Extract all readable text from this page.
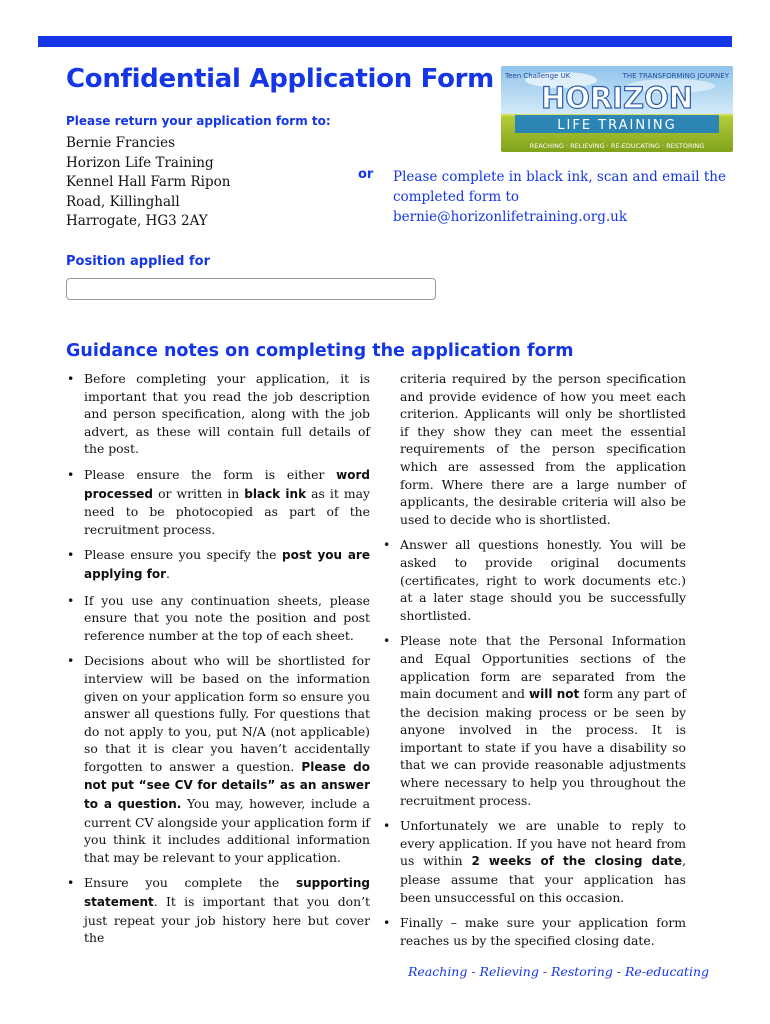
Confidential Application Form
Please return your application form to:
Bernie Francies
Horizon Life Training
Kennel Hall Farm Ripon
Road, Killinghall
Harrogate, HG3 2AY
or Please complete in black ink, scan and email the completed form to bernie@horizonlifetraining.org.uk
Teen Challenge UK	THE TRANSFORMING JOURNEY
HORIZON
LIFE TRAINING
REACHING · RELIEVING · RE-EDUCATING · RESTORING
Position applied for
Guidance notes on completing the application form
• Before completing your application, it is important that you read the job description and person specification, along with the job advert, as these will contain full details of the post.
• Please ensure the form is either word processed or written in black ink as it may need to be photocopied as part of the recruitment process.
• Please ensure you specify the post you are applying for.
• If you use any continuation sheets, please ensure that you note the position and post reference number at the top of each sheet.
• Decisions about who will be shortlisted for interview will be based on the information given on your application form so ensure you answer all questions fully. For questions that do not apply to you, put N/A (not applicable) so that it is clear you haven’t accidentally forgotten to answer a question. Please do not put “see CV for details” as an answer to a question. You may, however, include a current CV alongside your application form if you think it includes additional information that may be relevant to your application.
• Ensure you complete the supporting statement. It is important that you don’t just repeat your job history here but cover the
criteria required by the person specification and provide evidence of how you meet each criterion. Applicants will only be shortlisted if they show they can meet the essential requirements of the person specification which are assessed from the application form. Where there are a large number of applicants, the desirable criteria will also be used to decide who is shortlisted.
• Answer all questions honestly. You will be asked to provide original documents (certificates, right to work documents etc.) at a later stage should you be successfully shortlisted.
• Please note that the Personal Information and Equal Opportunities sections of the application form are separated from the main document and will not form any part of the decision making process or be seen by anyone involved in the process. It is important to state if you have a disability so that we can provide reasonable adjustments where necessary to help you throughout the recruitment process.
• Unfortunately we are unable to reply to every application. If you have not heard from us within 2 weeks of the closing date, please assume that your application has been unsuccessful on this occasion.
• Finally – make sure your application form reaches us by the specified closing date.
Reaching - Relieving - Restoring - Re-educating
